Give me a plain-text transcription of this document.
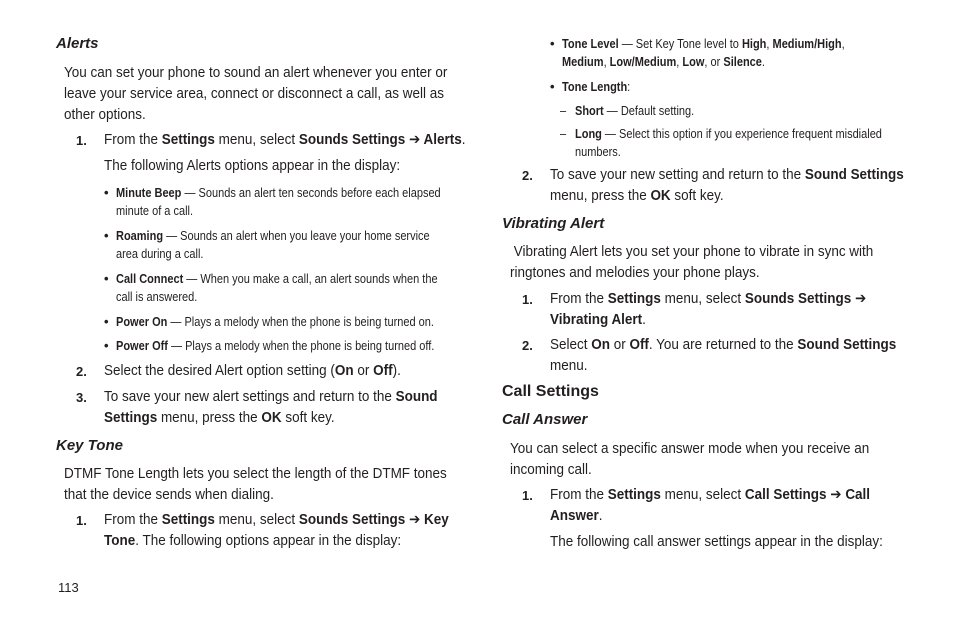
Alerts
You can set your phone to sound an alert whenever you enter or
leave your service area, connect or disconnect a call, as well as
other options.
1. From the Settings menu, select Sounds Settings ➔ Alerts.
The following Alerts options appear in the display:
• Minute Beep — Sounds an alert ten seconds before each elapsed
minute of a call.
• Roaming — Sounds an alert when you leave your home service
area during a call.
• Call Connect — When you make a call, an alert sounds when the
call is answered.
• Power On — Plays a melody when the phone is being turned on.
• Power Off — Plays a melody when the phone is being turned off.
2. Select the desired Alert option setting (On or Off).
3. To save your new alert settings and return to the Sound
Settings menu, press the OK soft key.
Key Tone
DTMF Tone Length lets you select the length of the DTMF tones
that the device sends when dialing.
1. From the Settings menu, select Sounds Settings ➔ Key
Tone. The following options appear in the display:
• Tone Level — Set Key Tone level to High, Medium/High,
Medium, Low/Medium, Low, or Silence.
• Tone Length:
– Short — Default setting.
– Long — Select this option if you experience frequent misdialed
numbers.
2. To save your new setting and return to the Sound Settings
menu, press the OK soft key.
Vibrating Alert
Vibrating Alert lets you set your phone to vibrate in sync with
ringtones and melodies your phone plays.
1. From the Settings menu, select Sounds Settings ➔
Vibrating Alert.
2. Select On or Off. You are returned to the Sound Settings
menu.
Call Settings
Call Answer
You can select a specific answer mode when you receive an
incoming call.
1. From the Settings menu, select Call Settings ➔ Call
Answer.
The following call answer settings appear in the display:
113
